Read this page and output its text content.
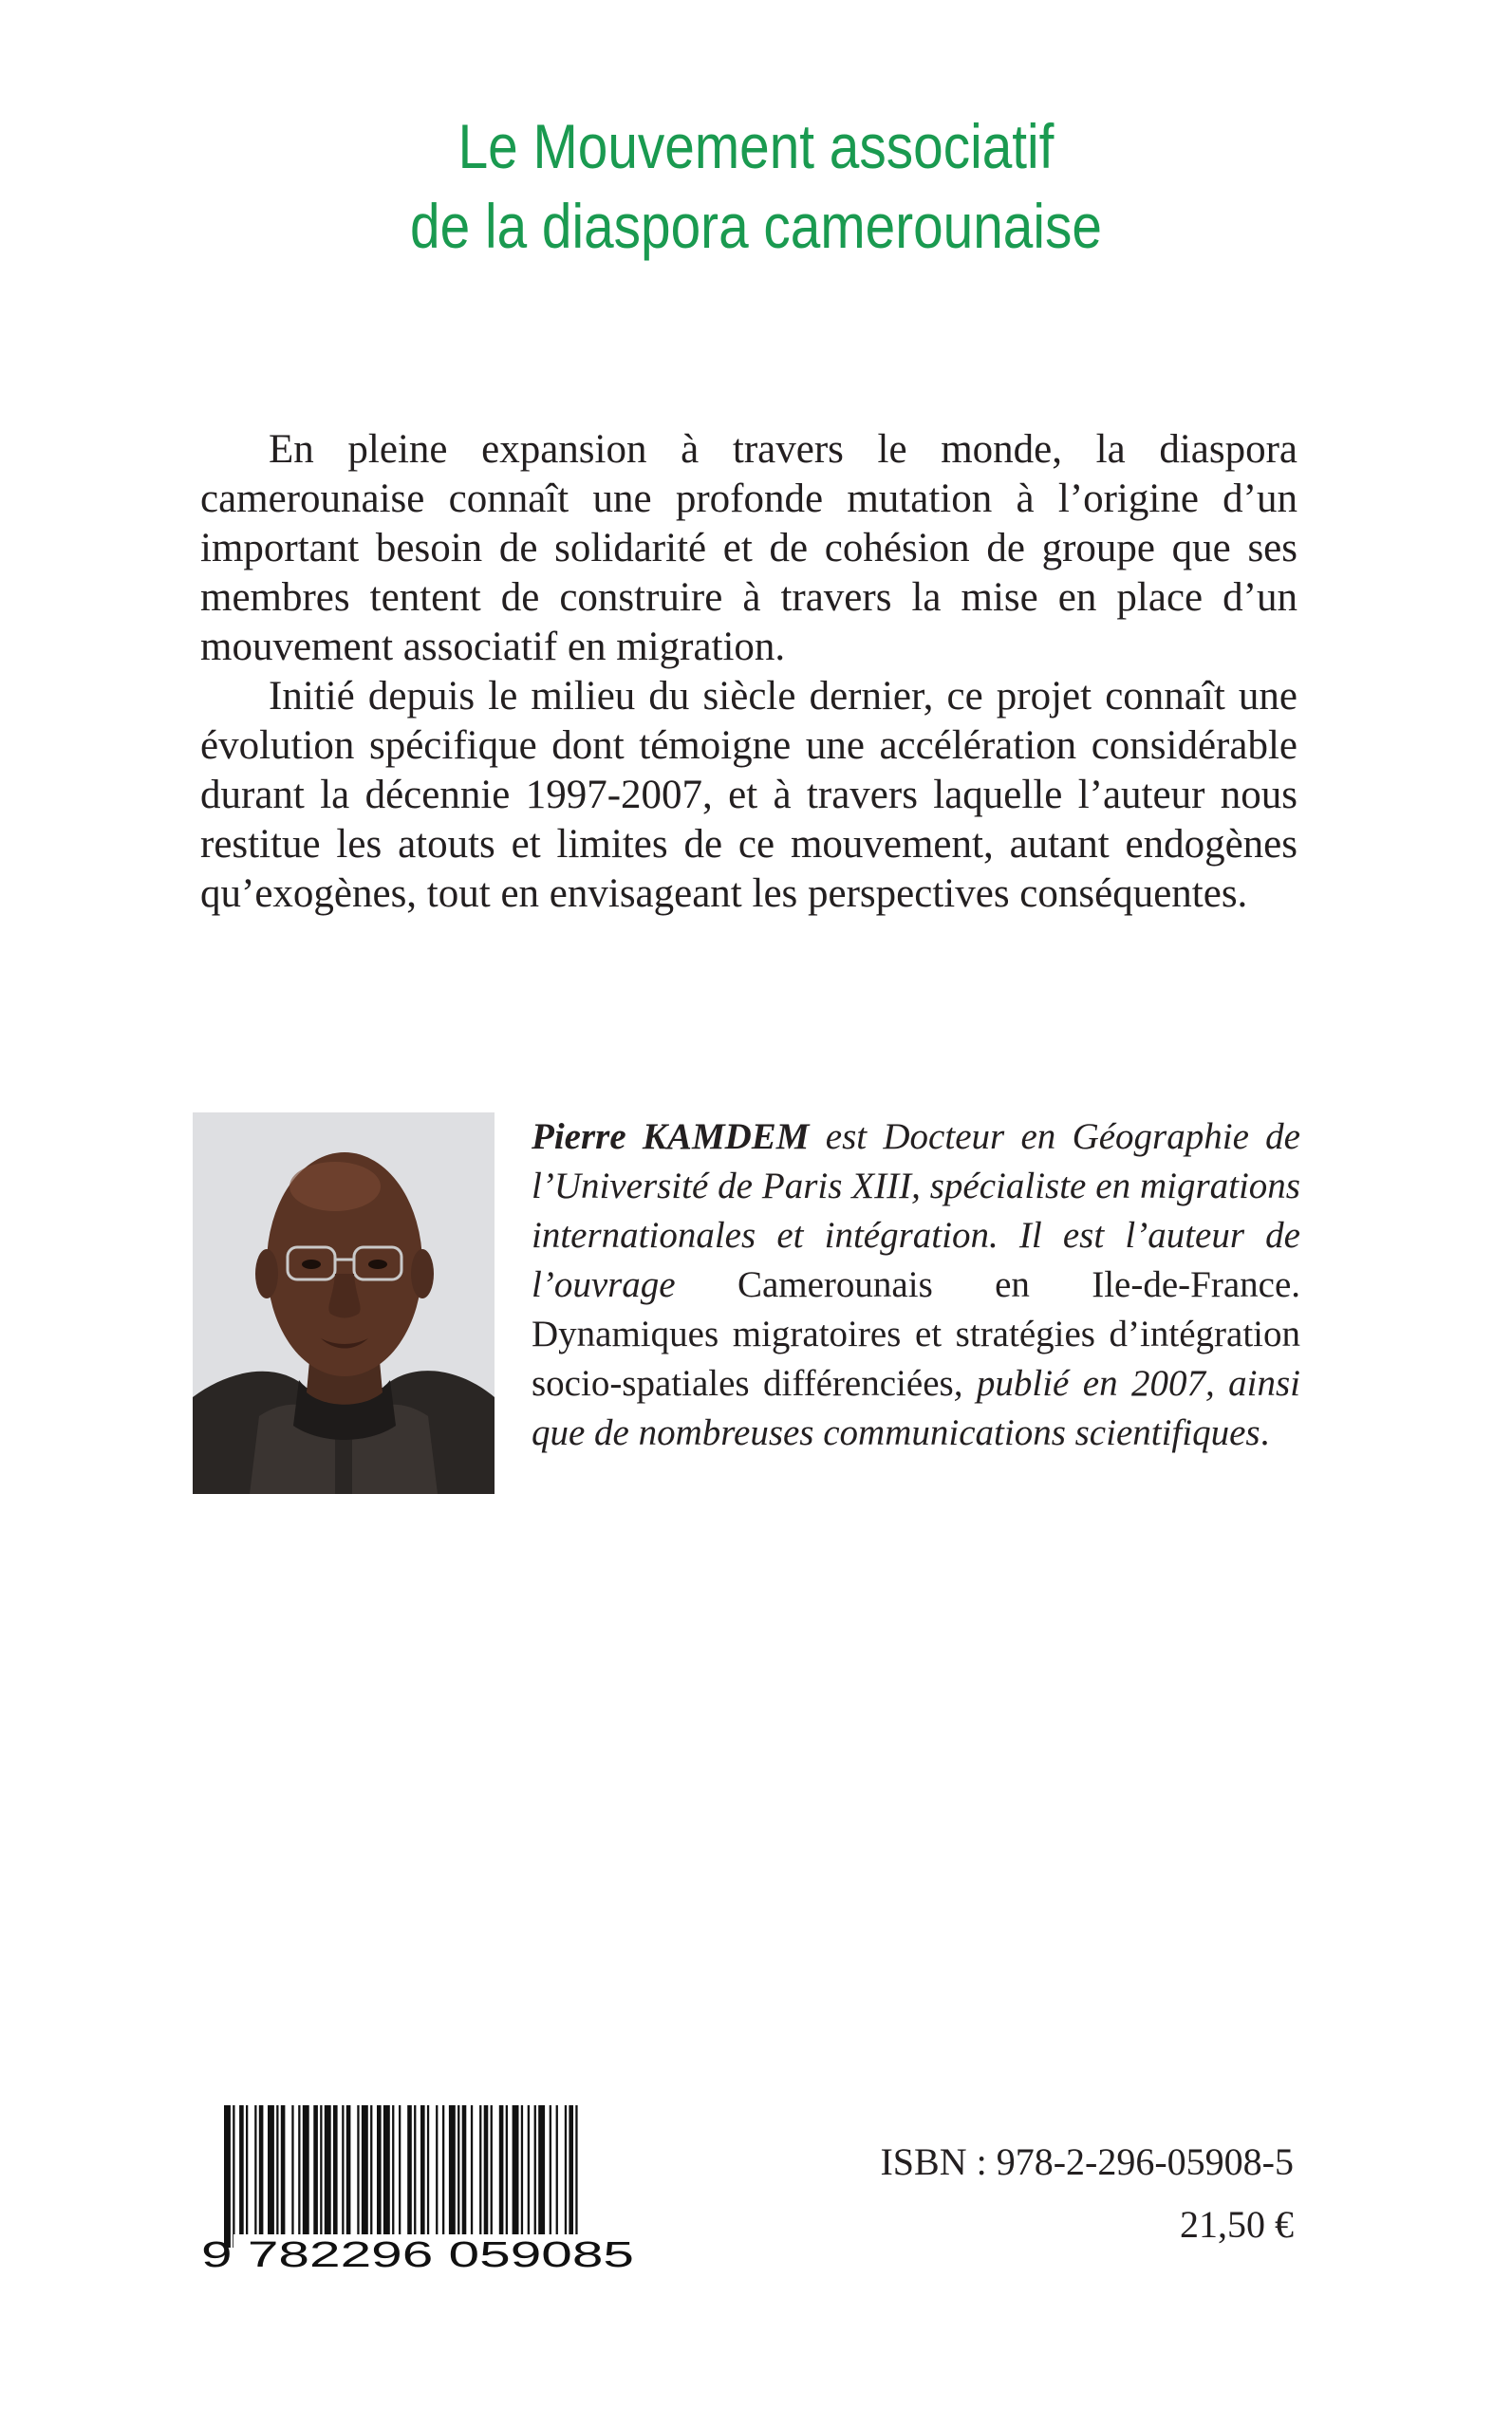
Le Mouvement associatif
de la diaspora camerounaise

En pleine expansion à travers le monde, la diaspora camerounaise connaît une profonde mutation à l’origine d’un important besoin de solidarité et de cohésion de groupe que ses membres tentent de construire à travers la mise en place d’un mouvement associatif en migration.

Initié depuis le milieu du siècle dernier, ce projet connaît une évolution spécifique dont témoigne une accélération considérable durant la décennie 1997-2007, et à travers laquelle l’auteur nous restitue les atouts et limites de ce mouvement, autant endogènes qu’exogènes, tout en envisageant les perspectives conséquentes.

Pierre KAMDEM est Docteur en Géographie de l’Université de Paris XIII, spécialiste en migrations internationales et intégration. Il est l’auteur de l’ouvrage Camerounais en Ile-de-France. Dynamiques migratoires et stratégies d’intégration socio-spatiales différenciées, publié en 2007, ainsi que de nombreuses communications scientifiques.
9 782296 059085
ISBN : 978-2-296-05908-5
21,50 €
